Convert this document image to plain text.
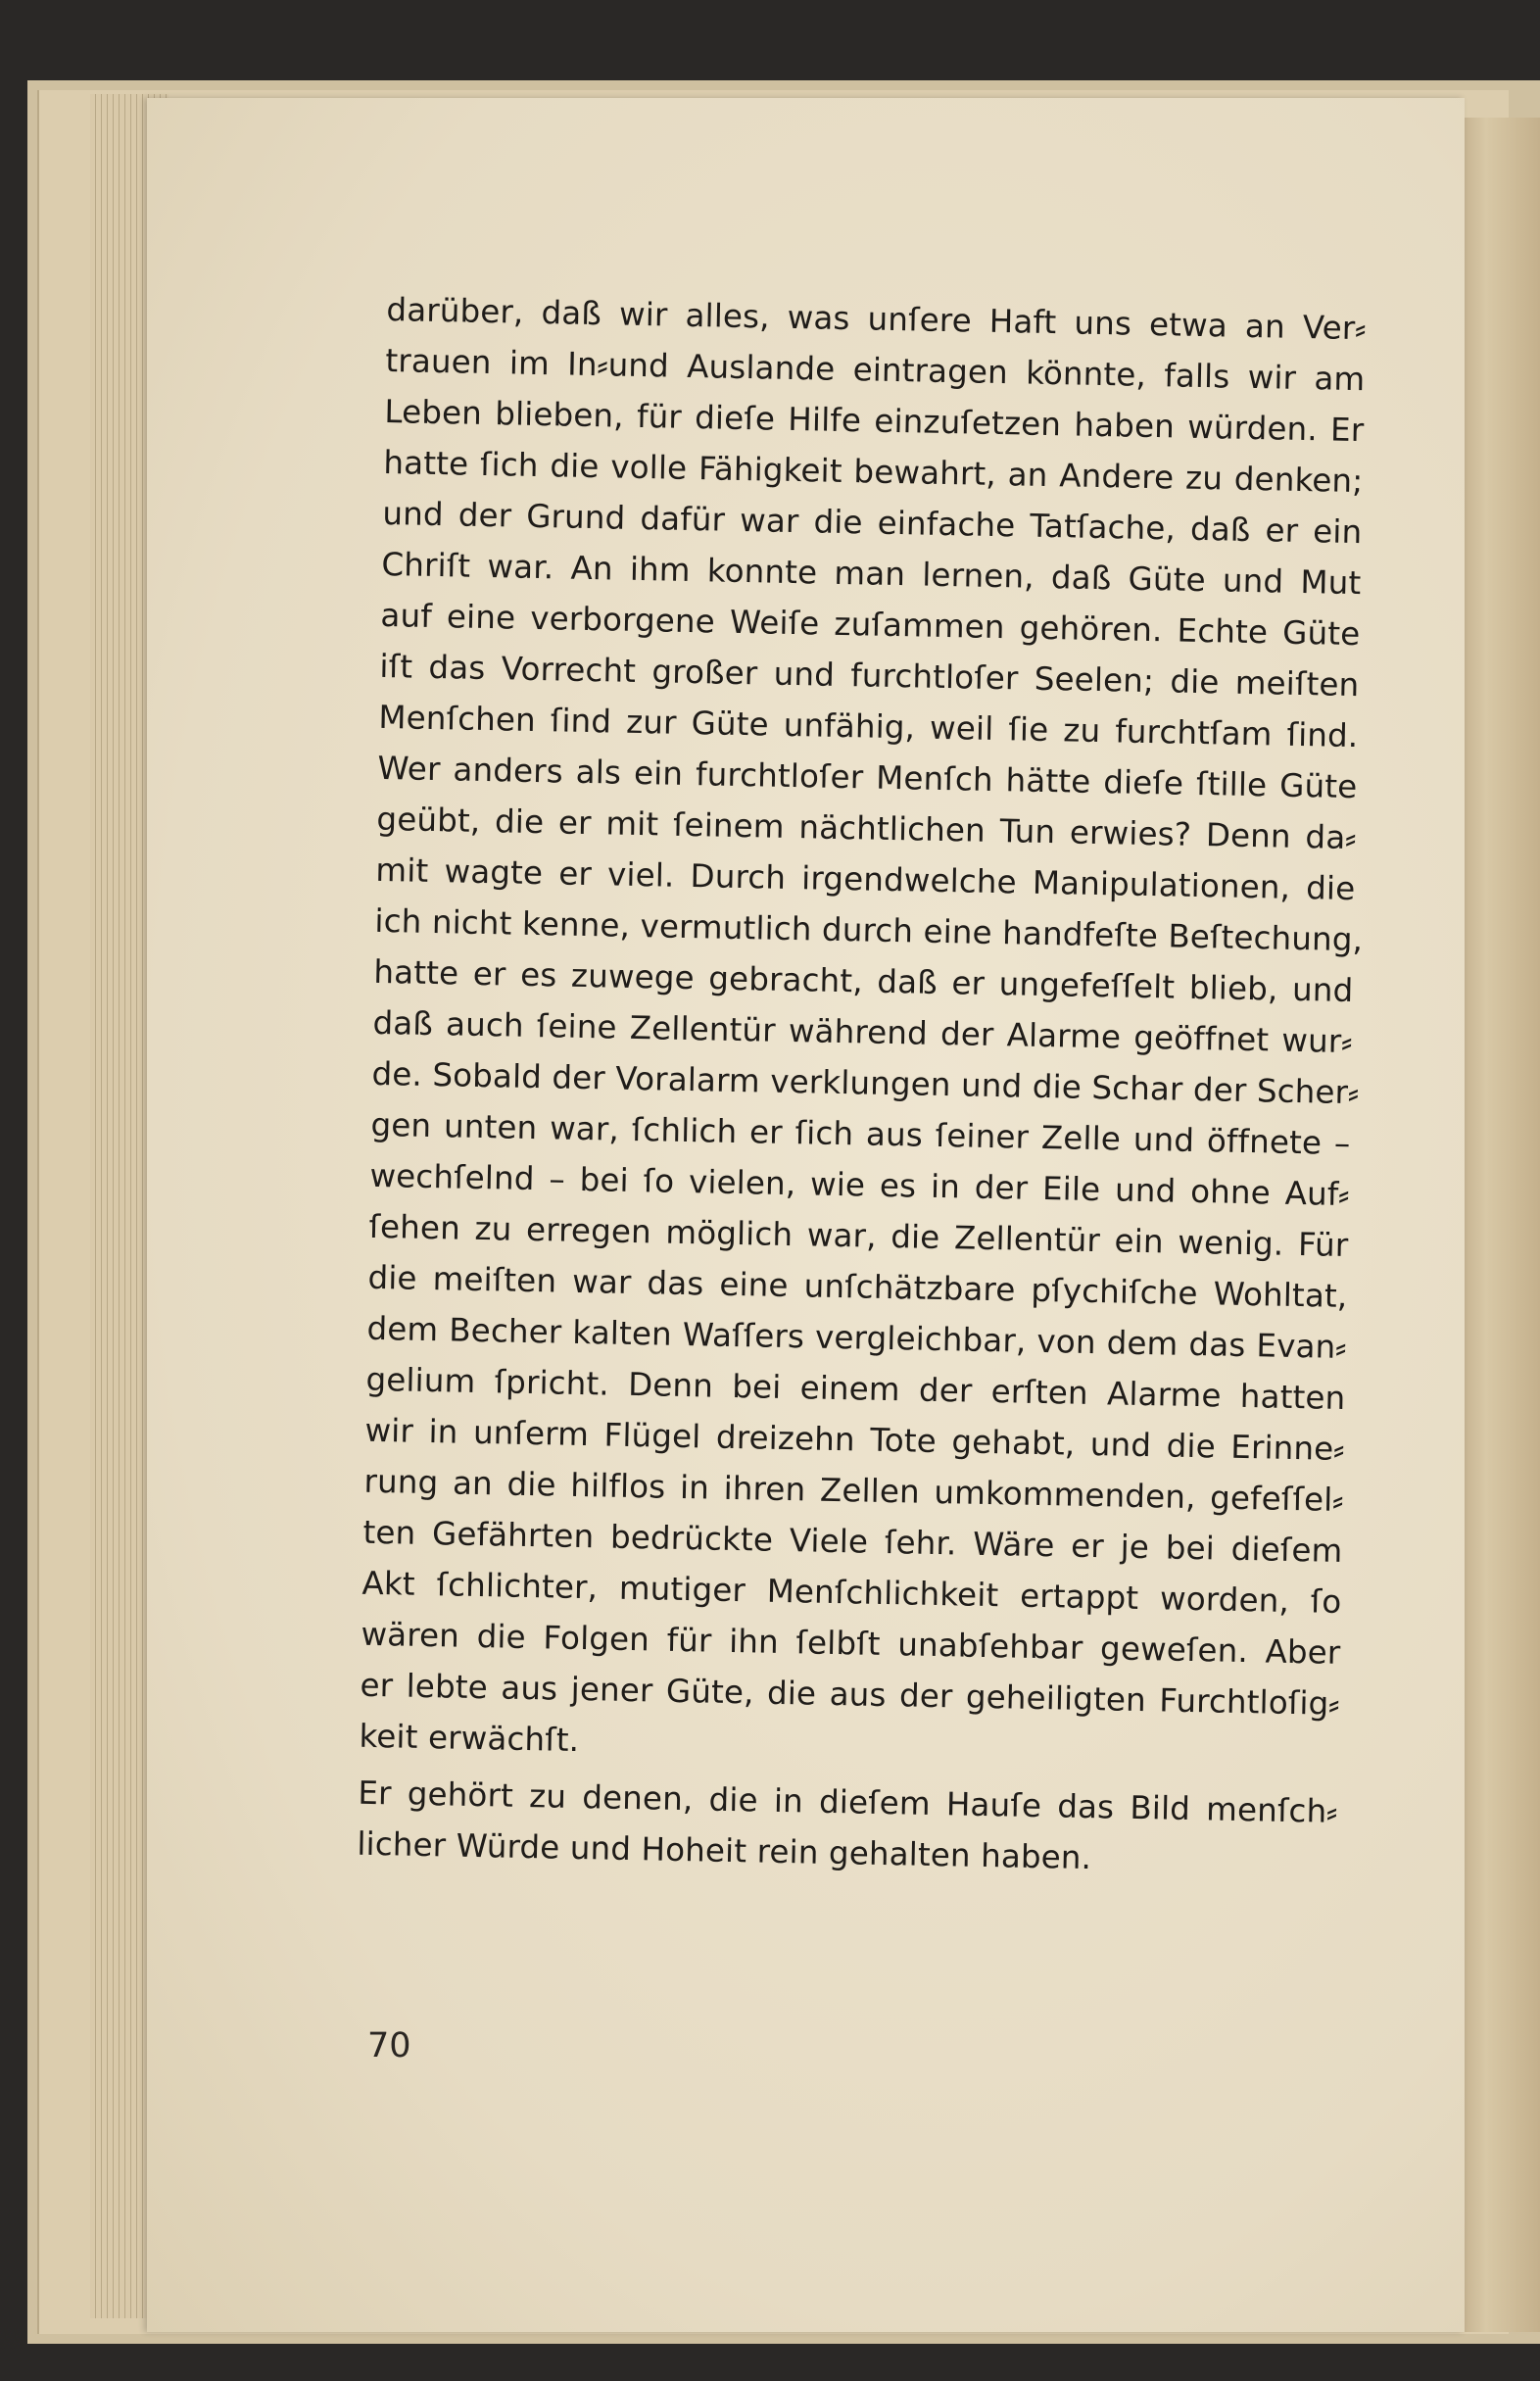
darüber, daß wir alles, was unſere Haft uns etwa an Ver⸗
trauen im In⸗und Auslande eintragen könnte, falls wir am
Leben blieben, für dieſe Hilfe einzuſetzen haben würden. Er
hatte ſich die volle Fähigkeit bewahrt, an Andere zu denken;
und der Grund dafür war die einfache Tatſache, daß er ein
Chriſt war. An ihm konnte man lernen, daß Güte und Mut
auf eine verborgene Weiſe zuſammen gehören. Echte Güte
iſt das Vorrecht großer und furchtloſer Seelen; die meiſten
Menſchen ſind zur Güte unfähig, weil ſie zu furchtſam ſind.
Wer anders als ein furchtloſer Menſch hätte dieſe ſtille Güte
geübt, die er mit ſeinem nächtlichen Tun erwies? Denn da⸗
mit wagte er viel. Durch irgendwelche Manipulationen, die
ich nicht kenne, vermutlich durch eine handfeſte Beſtechung,
hatte er es zuwege gebracht, daß er ungefeſſelt blieb, und
daß auch ſeine Zellentür während der Alarme geöffnet wur⸗
de. Sobald der Voralarm verklungen und die Schar der Scher⸗
gen unten war, ſchlich er ſich aus ſeiner Zelle und öffnete –
wechſelnd – bei ſo vielen, wie es in der Eile und ohne Auf⸗
ſehen zu erregen möglich war, die Zellentür ein wenig. Für
die meiſten war das eine unſchätzbare pſychiſche Wohltat,
dem Becher kalten Waſſers vergleichbar, von dem das Evan⸗
gelium ſpricht. Denn bei einem der erſten Alarme hatten
wir in unſerm Flügel dreizehn Tote gehabt, und die Erinne⸗
rung an die hilflos in ihren Zellen umkommenden, gefeſſel⸗
ten Gefährten bedrückte Viele ſehr. Wäre er je bei dieſem
Akt ſchlichter, mutiger Menſchlichkeit ertappt worden, ſo
wären die Folgen für ihn ſelbſt unabſehbar geweſen. Aber
er lebte aus jener Güte, die aus der geheiligten Furchtloſig⸗
keit erwächſt.
Er gehört zu denen, die in dieſem Hauſe das Bild menſch⸗
licher Würde und Hoheit rein gehalten haben.
70
